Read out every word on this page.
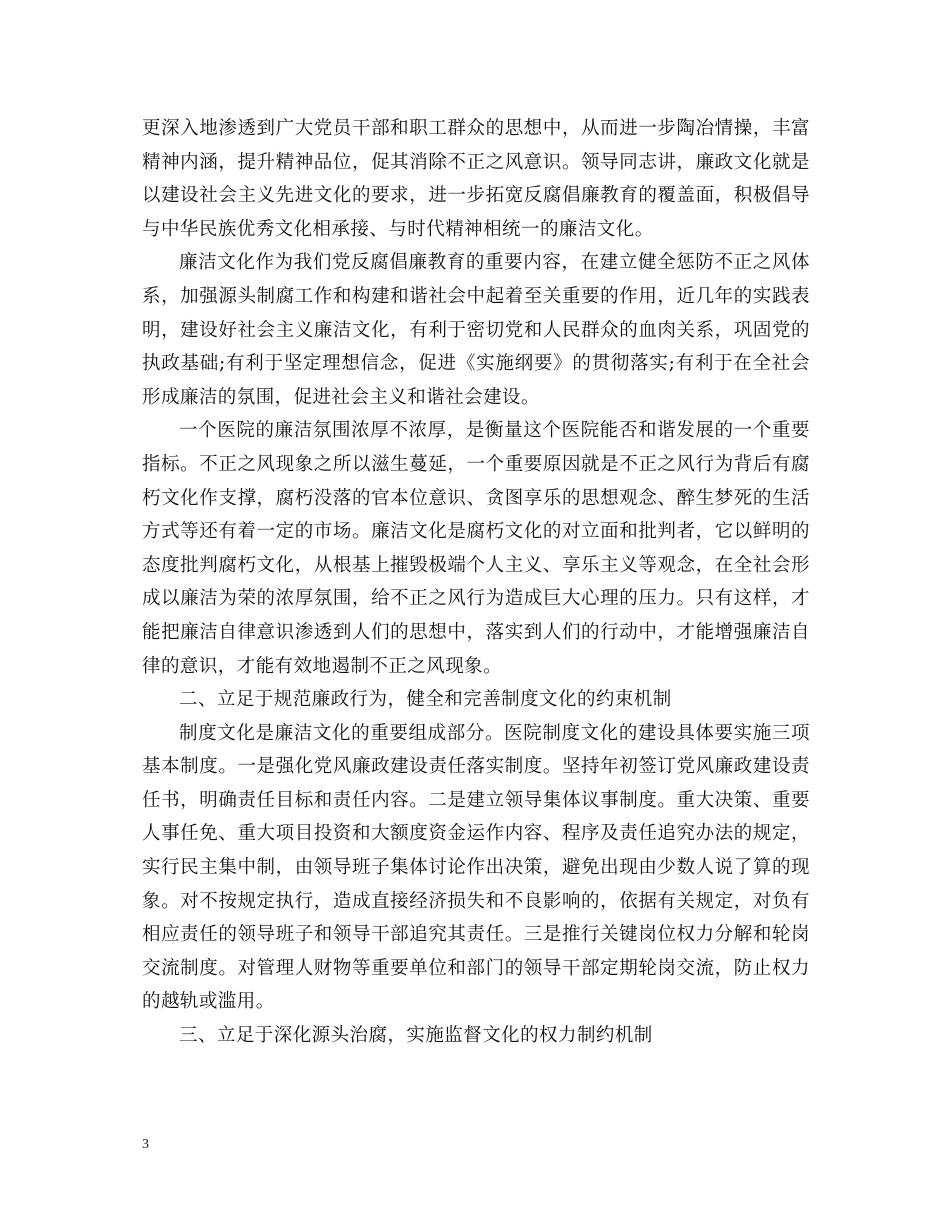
更深入地渗透到广大党员干部和职工群众的思想中，从而进一步陶冶情操，丰富精神内涵，提升精神品位，促其消除不正之风意识。领导同志讲，廉政文化就是以建设社会主义先进文化的要求，进一步拓宽反腐倡廉教育的覆盖面，积极倡导与中华民族优秀文化相承接、与时代精神相统一的廉洁文化。

廉洁文化作为我们党反腐倡廉教育的重要内容，在建立健全惩防不正之风体系，加强源头制腐工作和构建和谐社会中起着至关重要的作用，近几年的实践表明，建设好社会主义廉洁文化，有利于密切党和人民群众的血肉关系，巩固党的执政基础;有利于坚定理想信念，促进《实施纲要》的贯彻落实;有利于在全社会形成廉洁的氛围，促进社会主义和谐社会建设。

一个医院的廉洁氛围浓厚不浓厚，是衡量这个医院能否和谐发展的一个重要指标。不正之风现象之所以滋生蔓延，一个重要原因就是不正之风行为背后有腐朽文化作支撑，腐朽没落的官本位意识、贪图享乐的思想观念、醉生梦死的生活方式等还有着一定的市场。廉洁文化是腐朽文化的对立面和批判者，它以鲜明的态度批判腐朽文化，从根基上摧毁极端个人主义、享乐主义等观念，在全社会形成以廉洁为荣的浓厚氛围，给不正之风行为造成巨大心理的压力。只有这样，才能把廉洁自律意识渗透到人们的思想中，落实到人们的行动中，才能增强廉洁自律的意识，才能有效地遏制不正之风现象。

二、立足于规范廉政行为，健全和完善制度文化的约束机制

制度文化是廉洁文化的重要组成部分。医院制度文化的建设具体要实施三项基本制度。一是强化党风廉政建设责任落实制度。坚持年初签订党风廉政建设责任书，明确责任目标和责任内容。二是建立领导集体议事制度。重大决策、重要人事任免、重大项目投资和大额度资金运作内容、程序及责任追究办法的规定，实行民主集中制，由领导班子集体讨论作出决策，避免出现由少数人说了算的现象。对不按规定执行，造成直接经济损失和不良影响的，依据有关规定，对负有相应责任的领导班子和领导干部追究其责任。三是推行关键岗位权力分解和轮岗交流制度。对管理人财物等重要单位和部门的领导干部定期轮岗交流，防止权力的越轨或滥用。

三、立足于深化源头治腐，实施监督文化的权力制约机制

3
